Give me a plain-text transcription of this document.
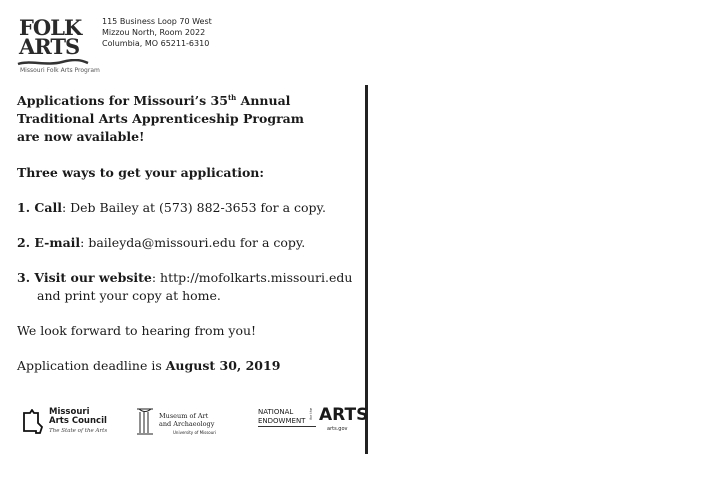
FOLK
ARTS
Missouri Folk Arts Program
115 Business Loop 70 West
Mizzou North, Room 2022
Columbia, MO 65211-6310
Applications for Missouri’s 35th Annual
Traditional Arts Apprenticeship Program
are now available!
Three ways to get your application:
1. Call: Deb Bailey at (573) 882-3653 for a copy.
2. E-mail: baileyda@missouri.edu for a copy.
3. Visit our website: http://mofolkarts.missouri.edu
and print your copy at home.
We look forward to hearing from you!
Application deadline is August 30, 2019
Missouri
Arts Council
The State of the Arts
Museum of Art
and Archaeology
University of Missouri
NATIONAL
ENDOWMENT
for the ARTS
arts.gov
